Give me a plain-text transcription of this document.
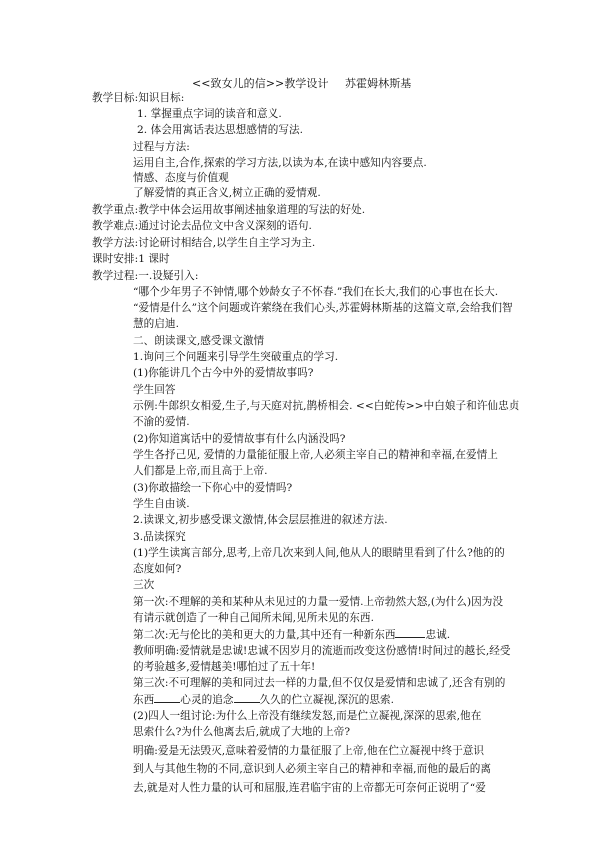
<<致女儿的信>>教学设计 苏霍姆林斯基
教学目标:知识目标:
1. 掌握重点字词的读音和意义.
2. 体会用寓话表达思想感情的写法.
过程与方法:
运用自主,合作,探索的学习方法,以读为本,在读中感知内容要点.
情感、态度与价值观
了解爱情的真正含义,树立正确的爱情观.
教学重点:教学中体会运用故事阐述抽象道理的写法的好处.
教学难点:通过讨论去品位文中含义深刻的语句.
教学方法:讨论研讨相结合,以学生自主学习为主.
课时安排:1 课时
教学过程:一.设疑引入:
“哪个少年男子不钟情,哪个妙龄女子不怀春.”我们在长大,我们的心事也在长大.
“爱情是什么”这个问题或许萦绕在我们心头,苏霍姆林斯基的这篇文章,会给我们智
慧的启迪.
二、朗读课文,感受课文激情
1.询问三个问题来引导学生突破重点的学习.
(1)你能讲几个古今中外的爱情故事吗?
学生回答
示例:牛郎织女相爱,生子,与天庭对抗,鹊桥相会. <<白蛇传>>中白娘子和许仙忠贞
不渝的爱情.
(2)你知道寓话中的爱情故事有什么内涵没吗?
学生各抒己见, 爱情的力量能征服上帝,人必须主宰自己的精神和幸福,在爱情上
人们都是上帝,而且高于上帝.
(3)你敢描绘一下你心中的爱情吗?
学生自由谈.
2.读课文,初步感受课文激情,体会层层推进的叙述方法.
3.品读探究
(1)学生读寓言部分,思考,上帝几次来到人间,他从人的眼睛里看到了什么?他的的
态度如何?
三次
第一次:不理解的美和某种从未见过的力量一爱情.上帝勃然大怒,(为什么)因为没
有请示就创造了一种自己闻所未闻,见所未见的东西.
第二次:无与伦比的美和更大的力量,其中还有一种新东西	忠诚.
教师明确:爱情就是忠诚!忠诚不因岁月的流逝而改变这份感情!时间过的越长,经受
的考验越多,爱情越美!哪怕过了五十年!
第三次:不可理解的美和同过去一样的力量,但不仅仅是爱情和忠诚了,还含有别的
东西 心灵的追念 久久的伫立凝视,深沉的思索.
(2)四人一组讨论:为什么上帝没有继续发怒,而是伫立凝视,深深的思索,他在
思索什么?为什么他离去后,就成了大地的上帝?
明确:爱是无法毁灭,意味着爱情的力量征服了上帝,他在伫立凝视中终于意识
到人与其他生物的不同,意识到人必须主宰自己的精神和幸福,而他的最后的离
去,就是对人性力量的认可和屈服,连君临宇宙的上帝都无可奈何正说明了“爱
